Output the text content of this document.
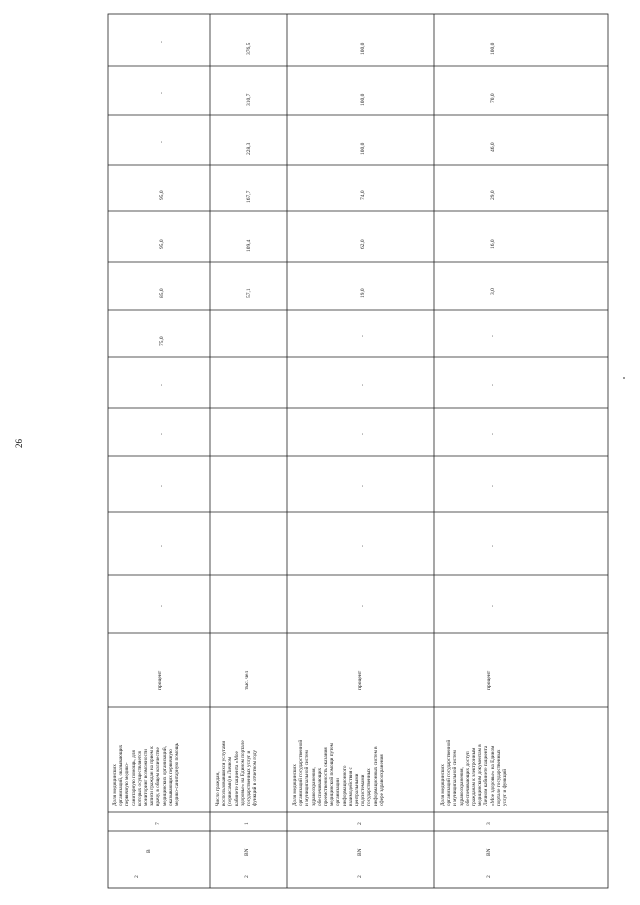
26
2
B
7
Доля медицинских
организаций, оказывающих
первичную медико-
санитарную помощь, для
которых осуществляется
мониторинг возможности
записи граждан на прием к
врачу, в общем количестве
медицинских организаций,
оказывающих первичную
медико-санитарную помощь
процент
2
BN
1
Число граждан,
воспользовавшихся услугами
(сервисами) в Личном
кабинете пациента «Мое
здоровье» на Едином портале
государственных услуг и
функций в отчетном году
тыс. чел
2
BN
2
Доля медицинских
организаций государственной
и муниципальной систем
здравоохранения,
обеспечивающих
преемственность оказания
медицинской помощи путем
организации
информационного
взаимодействия с
центральными
подсистемами
государственных
информационных систем в
сфере здравоохранения
процент
2
BN
3
Доля медицинских
организаций государственной
и муниципальной систем
здравоохранения,
обеспечивающих доступ
гражданам к электронным
медицинским документам в
Личном кабинете пациента
«Мое здоровье» на Едином
портале государственных
услуг и функций
процент
-
-
-
-
-
75,0
85,0
95,0
95,0
-
-
-
57,1
109,4
167,7
228,3
310,7
376,5
-
-
-
-
-
-
19,0
62,0
74,0
100,0
100,0
100,0
-
-
-
-
-
-
3,0
16,0
29,0
46,0
70,0
100,0
